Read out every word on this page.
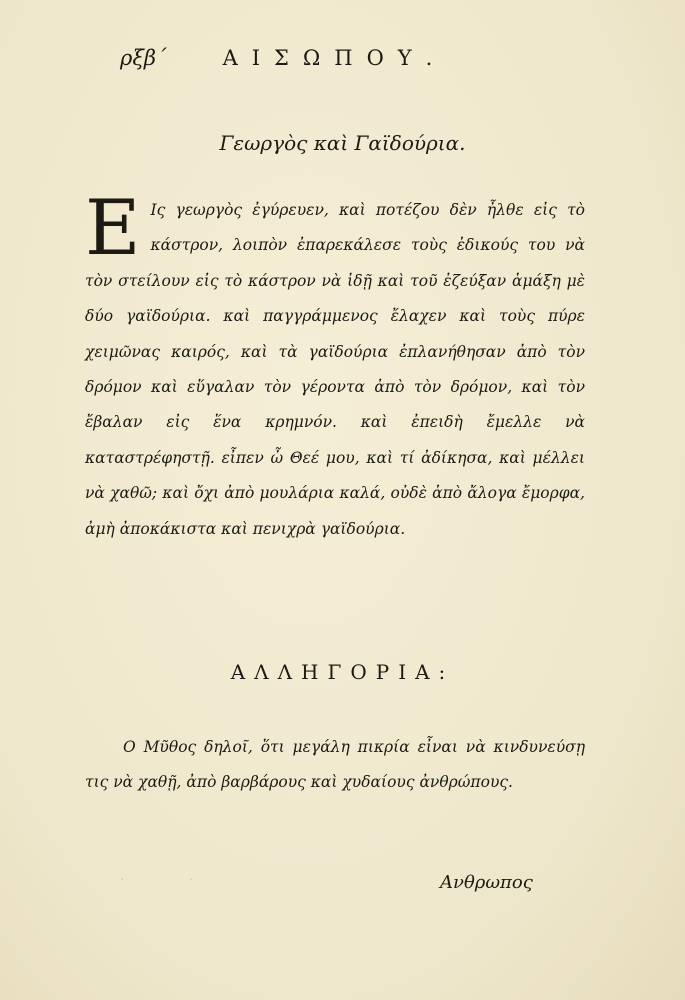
ρξβ΄	ΑΙΣΩΠΟΥ.
Γεωργὸς καὶ Γαϊδούρια.
Ε Ις γεωργὸς ἐγύρευεν, καὶ ποτέζου δὲν ἦλθε εἰς τὸ κάστρον, λοιπὸν ἐπαρεκάλεσε τοὺς ἐδικούς του νὰ τὸν στείλουν εἰς τὸ κάστρον νὰ ἰδῇ καὶ τοῦ ἐζεύξαν ἁμάξη μὲ δύο γαϊδούρια. καὶ παγγράμμενος ἔλαχεν καὶ τοὺς πύρε χειμῶνας καιρός, καὶ τὰ γαϊδούρια ἐπλανήθησαν ἀπὸ τὸν δρόμον καὶ εὕγαλαν τὸν γέροντα ἀπὸ τὸν δρόμον, καὶ τὸν ἔβαλαν εἰς ἕνα κρημνόν. καὶ ἐπειδὴ ἔμελλε νὰ καταστρέφηστῇ. εἶπεν ὦ Θεέ μου, καὶ τί ἀδίκησα, καὶ μέλλει νὰ χαθῶ; καὶ ὄχι ἀπὸ μουλάρια καλά, οὐδὲ ἀπὸ ἄλογα ἔμορφα, ἀμὴ ἀποκάκιστα καὶ πενιχρὰ γαϊδούρια.
ΑΛΛΗΓΟΡΙΑ:
Ο Μῦθος δηλοῖ, ὅτι μεγάλη πικρία εἶναι νὰ κινδυνεύσῃ τις νὰ χαθῇ, ἀπὸ βαρβάρους καὶ χυδαίους ἀνθρώπους.
· ·	Ανθρωπος
